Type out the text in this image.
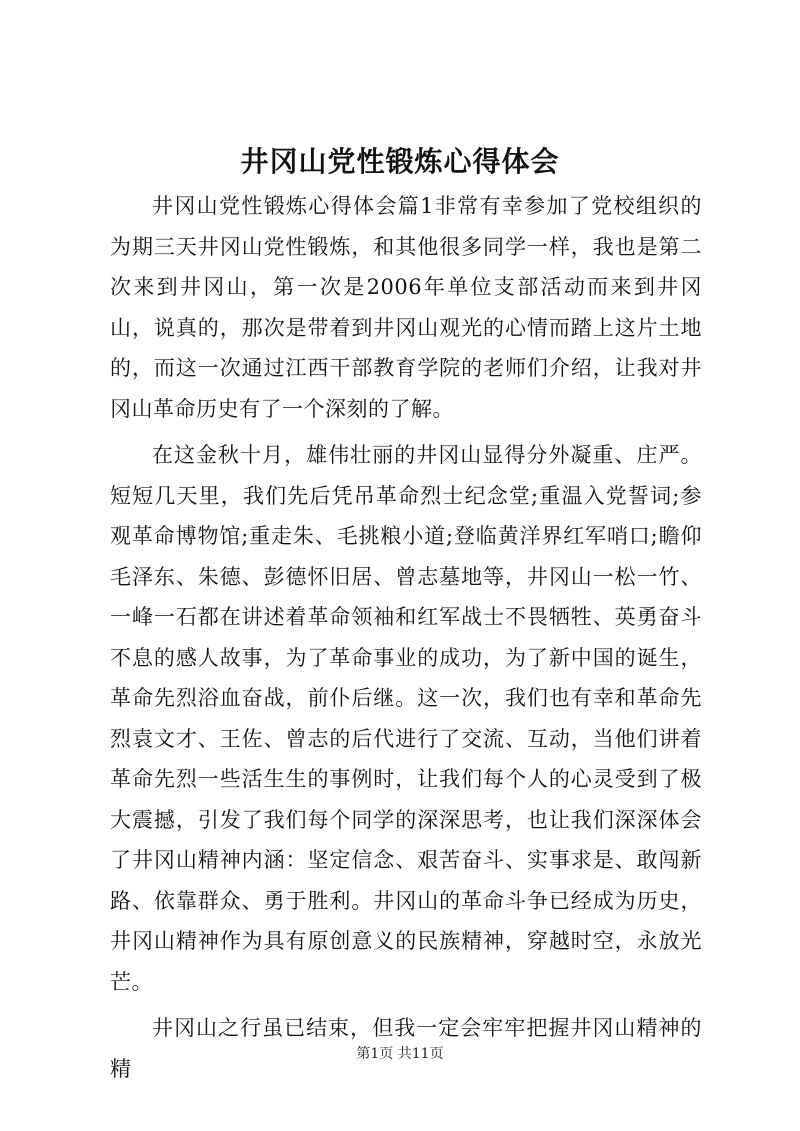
井冈山党性锻炼心得体会

井冈山党性锻炼心得体会篇1非常有幸参加了党校组织的为期三天井冈山党性锻炼，和其他很多同学一样，我也是第二次来到井冈山，第一次是2006年单位支部活动而来到井冈山，说真的，那次是带着到井冈山观光的心情而踏上这片土地的，而这一次通过江西干部教育学院的老师们介绍，让我对井冈山革命历史有了一个深刻的了解。

在这金秋十月，雄伟壮丽的井冈山显得分外凝重、庄严。短短几天里，我们先后凭吊革命烈士纪念堂;重温入党誓词;参观革命博物馆;重走朱、毛挑粮小道;登临黄洋界红军哨口;瞻仰毛泽东、朱德、彭德怀旧居、曾志墓地等，井冈山一松一竹、一峰一石都在讲述着革命领袖和红军战士不畏牺牲、英勇奋斗不息的感人故事，为了革命事业的成功，为了新中国的诞生，革命先烈浴血奋战，前仆后继。这一次，我们也有幸和革命先烈袁文才、王佐、曾志的后代进行了交流、互动，当他们讲着革命先烈一些活生生的事例时，让我们每个人的心灵受到了极大震撼，引发了我们每个同学的深深思考，也让我们深深体会了井冈山精神内涵：坚定信念、艰苦奋斗、实事求是、敢闯新路、依靠群众、勇于胜利。井冈山的革命斗争已经成为历史，井冈山精神作为具有原创意义的民族精神，穿越时空，永放光芒。

井冈山之行虽已结束，但我一定会牢牢把握井冈山精神的精

第1页 共11页
